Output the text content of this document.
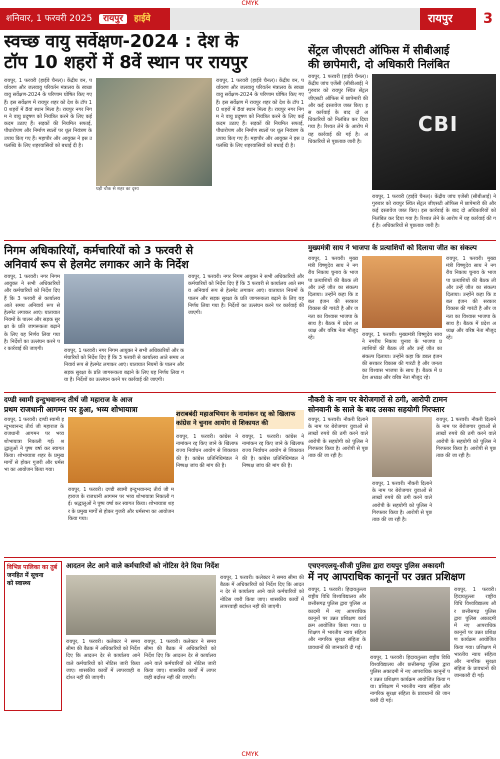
CMYK
शनिवार, 1 फरवरी 2025 रायपुर हाईवे	रायपुर	3
स्वच्छ वायु सर्वेक्षण-2024 : देश के
टॉप 10 शहरों में 8वें स्थान पर रायपुर
रायपुर, 1 फरवरी (हाईवे चैनल)। केंद्रीय वन, पर्यावरण और जलवायु परिवर्तन मंत्रालय के स्वच्छ वायु सर्वेक्षण-2024 के परिणाम घोषित किए गए हैं। इस सर्वेक्षण में रायपुर शहर को देश के टॉप 10 शहरों में 8वां स्थान मिला है। रायपुर नगर निगम ने वायु प्रदूषण को नियंत्रित करने के लिए कई कदम उठाए हैं। सड़कों की नियमित सफाई, पौधारोपण और निर्माण स्थलों पर धूल नियंत्रण के उपाय किए गए हैं। महापौर और आयुक्त ने इस उपलब्धि के लिए शहरवासियों को बधाई दी है।
घड़ी चौक से शहर का दृश्य
रायपुर, 1 फरवरी (हाईवे चैनल)। केंद्रीय वन, पर्यावरण और जलवायु परिवर्तन मंत्रालय के स्वच्छ वायु सर्वेक्षण-2024 के परिणाम घोषित किए गए हैं। इस सर्वेक्षण में रायपुर शहर को देश के टॉप 10 शहरों में 8वां स्थान मिला है। रायपुर नगर निगम ने वायु प्रदूषण को नियंत्रित करने के लिए कई कदम उठाए हैं। सड़कों की नियमित सफाई, पौधारोपण और निर्माण स्थलों पर धूल नियंत्रण के उपाय किए गए हैं। महापौर और आयुक्त ने इस उपलब्धि के लिए शहरवासियों को बधाई दी है।
सेंट्रल जीएसटी ऑफिस में सीबीआई
की छापेमारी, दो अधिकारी निलंबित
रायपुर, 1 फरवरी (हाईवे चैनल)। केंद्रीय जांच एजेंसी (सीबीआई) ने गुरुवार को रायपुर स्थित सेंट्रल जीएसटी ऑफिस में छापेमारी की और कई दस्तावेज जब्त किए। इस कार्रवाई के बाद दो अधिकारियों को निलंबित कर दिया गया है। रिश्वत लेने के आरोप में यह कार्रवाई की गई है। अधिकारियों से पूछताछ जारी है।
CBI
रायपुर, 1 फरवरी (हाईवे चैनल)। केंद्रीय जांच एजेंसी (सीबीआई) ने गुरुवार को रायपुर स्थित सेंट्रल जीएसटी ऑफिस में छापेमारी की और कई दस्तावेज जब्त किए। इस कार्रवाई के बाद दो अधिकारियों को निलंबित कर दिया गया है। रिश्वत लेने के आरोप में यह कार्रवाई की गई है। अधिकारियों से पूछताछ जारी है।
निगम अधिकारियों, कर्मचारियों को 3 फरवरी से
अनिवार्य रूप से हेलमेट लगाकर आने के निर्देश
रायपुर, 1 फरवरी। नगर निगम आयुक्त ने सभी अधिकारियों और कर्मचारियों को निर्देश दिए हैं कि 3 फरवरी से कार्यालय आते समय अनिवार्य रूप से हेलमेट लगाकर आएं। यातायात नियमों के पालन और सड़क सुरक्षा के प्रति जागरूकता बढ़ाने के लिए यह निर्णय लिया गया है। निर्देशों का उल्लंघन करने पर कार्रवाई की जाएगी।	रायपुर, 1 फरवरी। नगर निगम आयुक्त ने सभी अधिकारियों और कर्मचारियों को निर्देश दिए हैं कि 3 फरवरी से कार्यालय आते समय अनिवार्य रूप से हेलमेट लगाकर आएं। यातायात नियमों के पालन और सड़क सुरक्षा के प्रति जागरूकता बढ़ाने के लिए यह निर्णय लिया गया है। निर्देशों का उल्लंघन करने पर कार्रवाई की जाएगी।
रायपुर, 1 फरवरी। नगर निगम आयुक्त ने सभी अधिकारियों और कर्मचारियों को निर्देश दिए हैं कि 3 फरवरी से कार्यालय आते समय अनिवार्य रूप से हेलमेट लगाकर आएं। यातायात नियमों के पालन और सड़क सुरक्षा के प्रति जागरूकता बढ़ाने के लिए यह निर्णय लिया गया है। निर्देशों का उल्लंघन करने पर कार्रवाई की जाएगी।
मुख्यमंत्री साय ने भाजपा के प्रत्याशियों को दिलाया जीत का संकल्प
रायपुर, 1 फरवरी। मुख्यमंत्री विष्णुदेव साय ने नगरीय निकाय चुनाव के भाजपा प्रत्याशियों की बैठक ली और उन्हें जीत का संकल्प दिलाया। उन्होंने कहा कि डबल इंजन की सरकार विकास की गारंटी है और जनता का विश्वास भाजपा के साथ है। बैठक में प्रदेश अध्यक्ष और वरिष्ठ नेता मौजूद रहे।
रायपुर, 1 फरवरी। मुख्यमंत्री विष्णुदेव साय ने नगरीय निकाय चुनाव के भाजपा प्रत्याशियों की बैठक ली और उन्हें जीत का संकल्प दिलाया। उन्होंने कहा कि डबल इंजन की सरकार विकास की गारंटी है और जनता का विश्वास भाजपा के साथ है। बैठक में प्रदेश अध्यक्ष और वरिष्ठ नेता मौजूद रहे।
रायपुर, 1 फरवरी। मुख्यमंत्री विष्णुदेव साय ने नगरीय निकाय चुनाव के भाजपा प्रत्याशियों की बैठक ली और उन्हें जीत का संकल्प दिलाया। उन्होंने कहा कि डबल इंजन की सरकार विकास की गारंटी है और जनता का विश्वास भाजपा के साथ है। बैठक में प्रदेश अध्यक्ष और वरिष्ठ नेता मौजूद रहे।
दण्डी स्वामी इन्दुभवानन्द तीर्थ जी महाराज के आज
प्रथम राजधानी आगमन पर हुआ, भव्य शोभायात्रा
रायपुर, 1 फरवरी। दण्डी स्वामी इन्दुभवानन्द तीर्थ जी महाराज के राजधानी आगमन पर भव्य शोभायात्रा निकाली गई। श्रद्धालुओं ने पुष्प वर्षा कर स्वागत किया। शोभायात्रा शहर के प्रमुख मार्गों से होकर गुजरी और धर्मसभा का आयोजन किया गया।
रायपुर, 1 फरवरी। दण्डी स्वामी इन्दुभवानन्द तीर्थ जी महाराज के राजधानी आगमन पर भव्य शोभायात्रा निकाली गई। श्रद्धालुओं ने पुष्प वर्षा कर स्वागत किया। शोभायात्रा शहर के प्रमुख मार्गों से होकर गुजरी और धर्मसभा का आयोजन किया गया।
शराबबंदी महाअभियान के नामांकन रद्द को खिलाफ कांग्रेस ने चुनाव आयोग से शिकायत की
रायपुर, 1 फरवरी। कांग्रेस ने नामांकन रद्द किए जाने के खिलाफ राज्य निर्वाचन आयोग से शिकायत की है। कांग्रेस प्रतिनिधिमंडल ने निष्पक्ष जांच की मांग की है।
रायपुर, 1 फरवरी। कांग्रेस ने नामांकन रद्द किए जाने के खिलाफ राज्य निर्वाचन आयोग से शिकायत की है। कांग्रेस प्रतिनिधिमंडल ने निष्पक्ष जांच की मांग की है।
नौकरी के नाम पर बेरोजगारों से ठगी, आरोपी टामन
सोनवानी के साले के बाद उसका सहयोगी गिरफ्तार
रायपुर, 1 फरवरी। नौकरी दिलाने के नाम पर बेरोजगार युवाओं से लाखों रुपये की ठगी करने वाले आरोपी के सहयोगी को पुलिस ने गिरफ्तार किया है। आरोपी से पूछताछ की जा रही है।
रायपुर, 1 फरवरी। नौकरी दिलाने के नाम पर बेरोजगार युवाओं से लाखों रुपये की ठगी करने वाले आरोपी के सहयोगी को पुलिस ने गिरफ्तार किया है। आरोपी से पूछताछ की जा रही है।
रायपुर, 1 फरवरी। नौकरी दिलाने के नाम पर बेरोजगार युवाओं से लाखों रुपये की ठगी करने वाले आरोपी के सहयोगी को पुलिस ने गिरफ्तार किया है। आरोपी से पूछताछ की जा रही है।
विभिन्न पालिका का तुर्ब
जनहित में सूचना
को स्वास्थ्य
आदतन लेट आने वाले कर्मचारियों को नोटिस देने दिया निर्देश
रायपुर, 1 फरवरी। कलेक्टर ने समय सीमा की बैठक में अधिकारियों को निर्देश दिए कि आदतन देर से कार्यालय आने वाले कर्मचारियों को नोटिस जारी किया जाए। शासकीय कार्यों में लापरवाही बर्दाश्त नहीं की जाएगी।
रायपुर, 1 फरवरी। कलेक्टर ने समय सीमा की बैठक में अधिकारियों को निर्देश दिए कि आदतन देर से कार्यालय आने वाले कर्मचारियों को नोटिस जारी किया जाए। शासकीय कार्यों में लापरवाही बर्दाश्त नहीं की जाएगी।
रायपुर, 1 फरवरी। कलेक्टर ने समय सीमा की बैठक में अधिकारियों को निर्देश दिए कि आदतन देर से कार्यालय आने वाले कर्मचारियों को नोटिस जारी किया जाए। शासकीय कार्यों में लापरवाही बर्दाश्त नहीं की जाएगी।
एचएनएलयू-सीजी पुलिस द्वारा रायपुर पुलिस अकादमी
में नए आपराधिक कानूनों पर उन्नत प्रशिक्षण
रायपुर, 1 फरवरी। हिदायतुल्ला राष्ट्रीय विधि विश्वविद्यालय और छत्तीसगढ़ पुलिस द्वारा पुलिस अकादमी में नए आपराधिक कानूनों पर उन्नत प्रशिक्षण कार्यक्रम आयोजित किया गया। प्रशिक्षण में भारतीय न्याय संहिता और नागरिक सुरक्षा संहिता के प्रावधानों की जानकारी दी गई।
रायपुर, 1 फरवरी। हिदायतुल्ला राष्ट्रीय विधि विश्वविद्यालय और छत्तीसगढ़ पुलिस द्वारा पुलिस अकादमी में नए आपराधिक कानूनों पर उन्नत प्रशिक्षण कार्यक्रम आयोजित किया गया। प्रशिक्षण में भारतीय न्याय संहिता और नागरिक सुरक्षा संहिता के प्रावधानों की जानकारी दी गई।
रायपुर, 1 फरवरी। हिदायतुल्ला राष्ट्रीय विधि विश्वविद्यालय और छत्तीसगढ़ पुलिस द्वारा पुलिस अकादमी में नए आपराधिक कानूनों पर उन्नत प्रशिक्षण कार्यक्रम आयोजित किया गया। प्रशिक्षण में भारतीय न्याय संहिता और नागरिक सुरक्षा संहिता के प्रावधानों की जानकारी दी गई।
CMYK
